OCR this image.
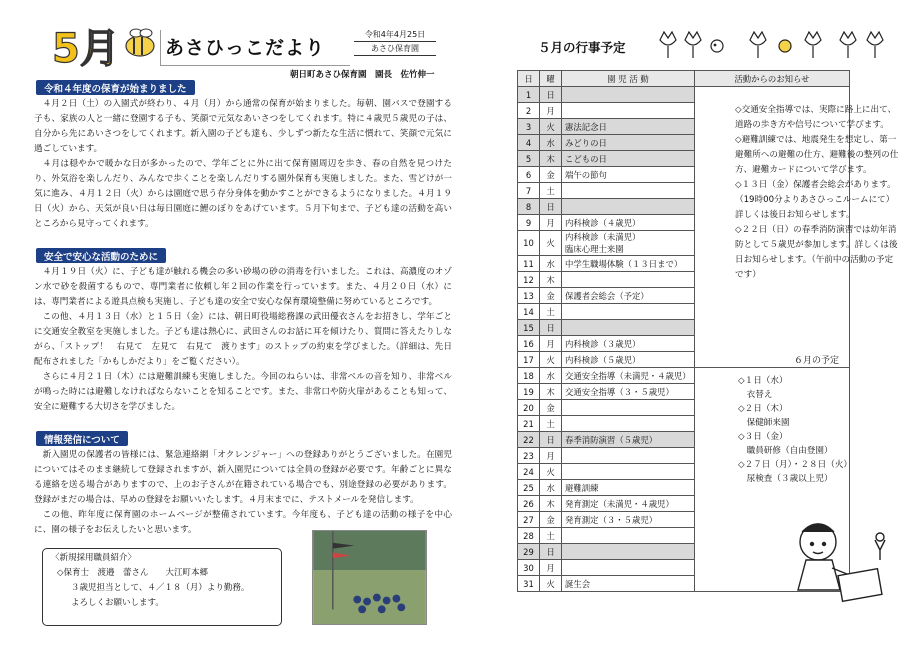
5月 あさひっこだより
令和4年4月25日
あさひ保育園
朝日町あさひ保育園　園長　佐竹伸一
令和４年度の保育が始まりました

４月２日（土）の入園式が終わり、４月（月）から通常の保育が始まりました。毎朝、園バスで登園する子も、家族の人と一緒に登園する子も、笑顔で元気なあいさつをしてくれます。特に４歳児５歳児の子は、自分から先にあいさつをしてくれます。新入園の子ども達も、少しずつ新たな生活に慣れて、笑顔で元気に過ごしています。

４月は穏やかで暖かな日が多かったので、学年ごとに外に出て保育園周辺を歩き、春の自然を見つけたり、外気浴を楽しんだり、みんなで歩くことを楽しんだりする園外保育も実施しました。また、雪どけが一気に進み、４月１２日（火）からは園庭で思う存分身体を動かすことができるようになりました。４月１９日（火）から、天気が良い日は毎日園庭に鯉のぼりをあげています。５月下旬まで、子ども達の活動を高いところから見守ってくれます。

安全で安心な活動のために

４月１９日（火）に、子ども達が触れる機会の多い砂場の砂の消毒を行いました。これは、高濃度のオゾン水で砂を殺菌するもので、専門業者に依頼し年２回の作業を行っています。また、４月２０日（水）には、専門業者による遊具点検も実施し、子ども達の安全で安心な保育環境整備に努めているところです。

この他、４月１３日（水）と１５日（金）には、朝日町役場総務課の武田優衣さんをお招きし、学年ごとに交通安全教室を実施しました。子ども達は熱心に、武田さんのお話に耳を傾けたり、質問に答えたりしながら、「ストップ！　右見て　左見て　右見て　渡ります」のストップの約束を学びました。（詳細は、先日配布されました「かもしかだより」をご覧ください）。

さらに４月２１日（木）には避難訓練も実施しました。今回のねらいは、非常ベルの音を知り、非常ベルが鳴った時には避難しなければならないことを知ることです。また、非常口や防火扉があることも知って、安全に避難する大切さを学びました。

情報発信について

新入園児の保護者の皆様には、緊急連絡網「オクレンジャー」への登録ありがとうございました。在園児についてはそのまま継続して登録されますが、新入園児については全員の登録が必要です。年齢ごとに異なる連絡を送る場合がありますので、上のお子さんが在籍されている場合でも、別途登録の必要があります。登録がまだの場合は、早めの登録をお願いいたします。４月末までに、テストメールを発信します。

この他、昨年度に保育園のホームページが整備されています。今年度も、子ども達の活動の様子を中心に、園の様子をお伝えしたいと思います。

〈新規採用職員紹介〉
◇保育士　渡邉　蕾さん　　大江町本郷
３歳児担当として、４／１８（月）より勤務。
よろしくお願いします。
５月の行事予定
日	曜	園 児 活 動	活動からのお知らせ
1	日		
2	月		
3	火	憲法記念日	
4	水	みどりの日	
5	木	こどもの日	
6	金	端午の節句	
7	土		
8	日		
9	月	内科検診（４歳児）	
10	火	内科検診（未満児）
臨床心理士来園	
11	水	中学生職場体験（１３日まで）	
12	木		
13	金	保護者会総会（予定）	
14	土		
15	日		
16	月	内科検診（３歳児）	
17	火	内科検診（５歳児）	
18	水	交通安全指導（未満児・４歳児）	
19	木	交通安全指導（３・５歳児）	
20	金		
21	土		
22	日	春季消防演習（５歳児）	
23	月		
24	火		
25	水	避難訓練	
26	木	発育測定（未満児・４歳児）	
27	金	発育測定（３・５歳児）	
28	土		
29	日		
30	月		
31	火	誕生会	

◇交通安全指導では、実際に路上に出て、道路の歩き方や信号について学びます。

◇避難訓練では、地震発生を想定し、第一避難所への避難の仕方、避難後の整列の仕方、避難カードについて学びます。

◇１３日（金）保護者会総会があります。（19時00分よりあさひっこルームにて）詳しくは後日お知らせします。

◇２２日（日）の春季消防演習では幼年消防として５歳児が参加します。詳しくは後日お知らせします。（午前中の活動の予定です）

６月の予定
◇１日（水）
　衣替え
◇２日（木）
　保健師来園
◇３日（金）
　職員研修（自由登園）
◇２７日（月）・２８日（火）
　尿検査（３歳以上児）
